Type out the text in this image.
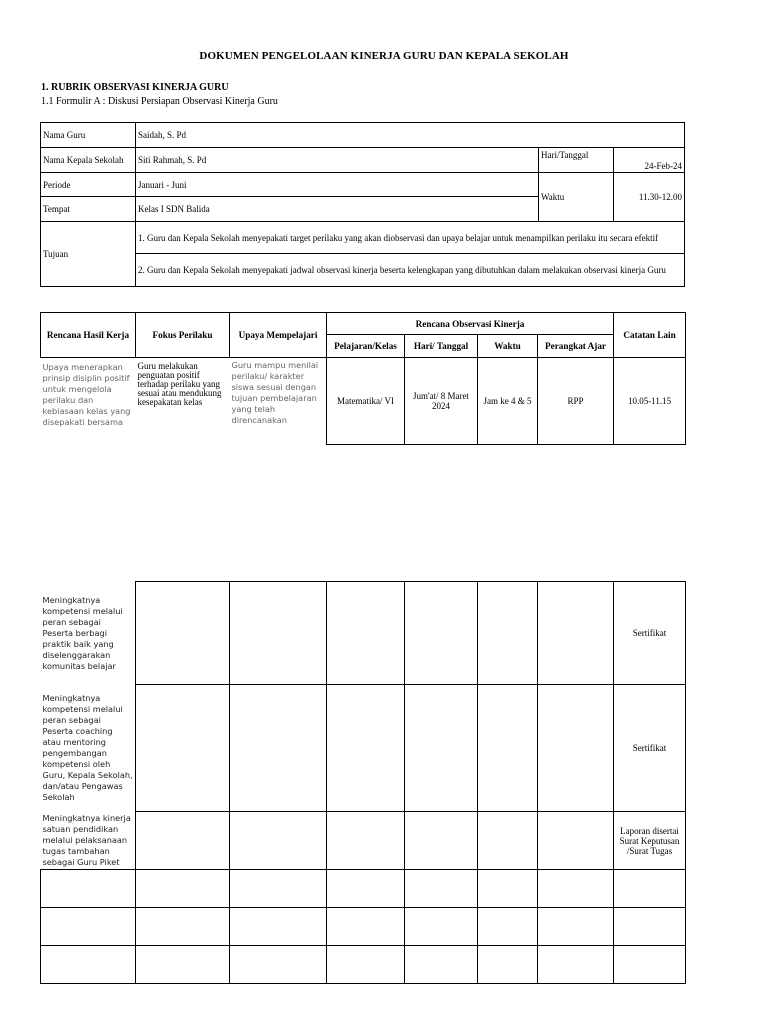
DOKUMEN PENGELOLAAN KINERJA GURU DAN KEPALA SEKOLAH
1. RUBRIK OBSERVASI KINERJA GURU
1.1 Formulir A : Diskusi Persiapan Observasi Kinerja Guru
Nama Guru	Saidah, S. Pd		
Nama Kepala Sekolah	Siti Rahmah, S. Pd	Hari/Tanggal	24-Feb-24
Periode	Januari - Juni	Waktu	11.30-12.00
Tempat	Kelas I SDN Balida		
Tujuan	1. Guru dan Kepala Sekolah menyepakati target perilaku yang akan diobservasi dan upaya belajar untuk menampilkan perilaku itu secara efektif		
	2. Guru dan Kepala Sekolah menyepakati jadwal observasi kinerja beserta kelengkapan yang dibutuhkan dalam melakukan observasi kinerja Guru		
Rencana Hasil Kerja	Fokus Perilaku	Upaya Mempelajari	Rencana Observasi Kinerja				Catatan Lain
			Pelajaran/Kelas	Hari/ Tanggal	Waktu	Perangkat Ajar	
Upaya menerapkan prinsip disiplin positif untuk mengelola perilaku dan kebiasaan kelas yang disepakati bersama	Guru melakukan penguatan positif terhadap perilaku yang sesuai atau mendukung kesepakatan kelas	Guru mampu menilai perilaku/ karakter siswa sesuai dengan tujuan pembelajaran yang telah direncanakan	Matematika/ VI	Jum'at/ 8 Maret 2024	Jam ke 4 & 5	RPP	10.05-11.15
Meningkatnya kompetensi melalui peran sebagai Peserta berbagi praktik baik yang diselenggarakan komunitas belajar							Sertifikat
Meningkatnya kompetensi melalui peran sebagai Peserta coaching atau mentoring pengembangan kompetensi oleh Guru, Kepala Sekolah, dan/atau Pengawas Sekolah							Sertifikat
Meningkatnya kinerja satuan pendidikan melalui pelaksanaan tugas tambahan sebagai Guru Piket							Laporan disertai Surat Keputusan /Surat Tugas
